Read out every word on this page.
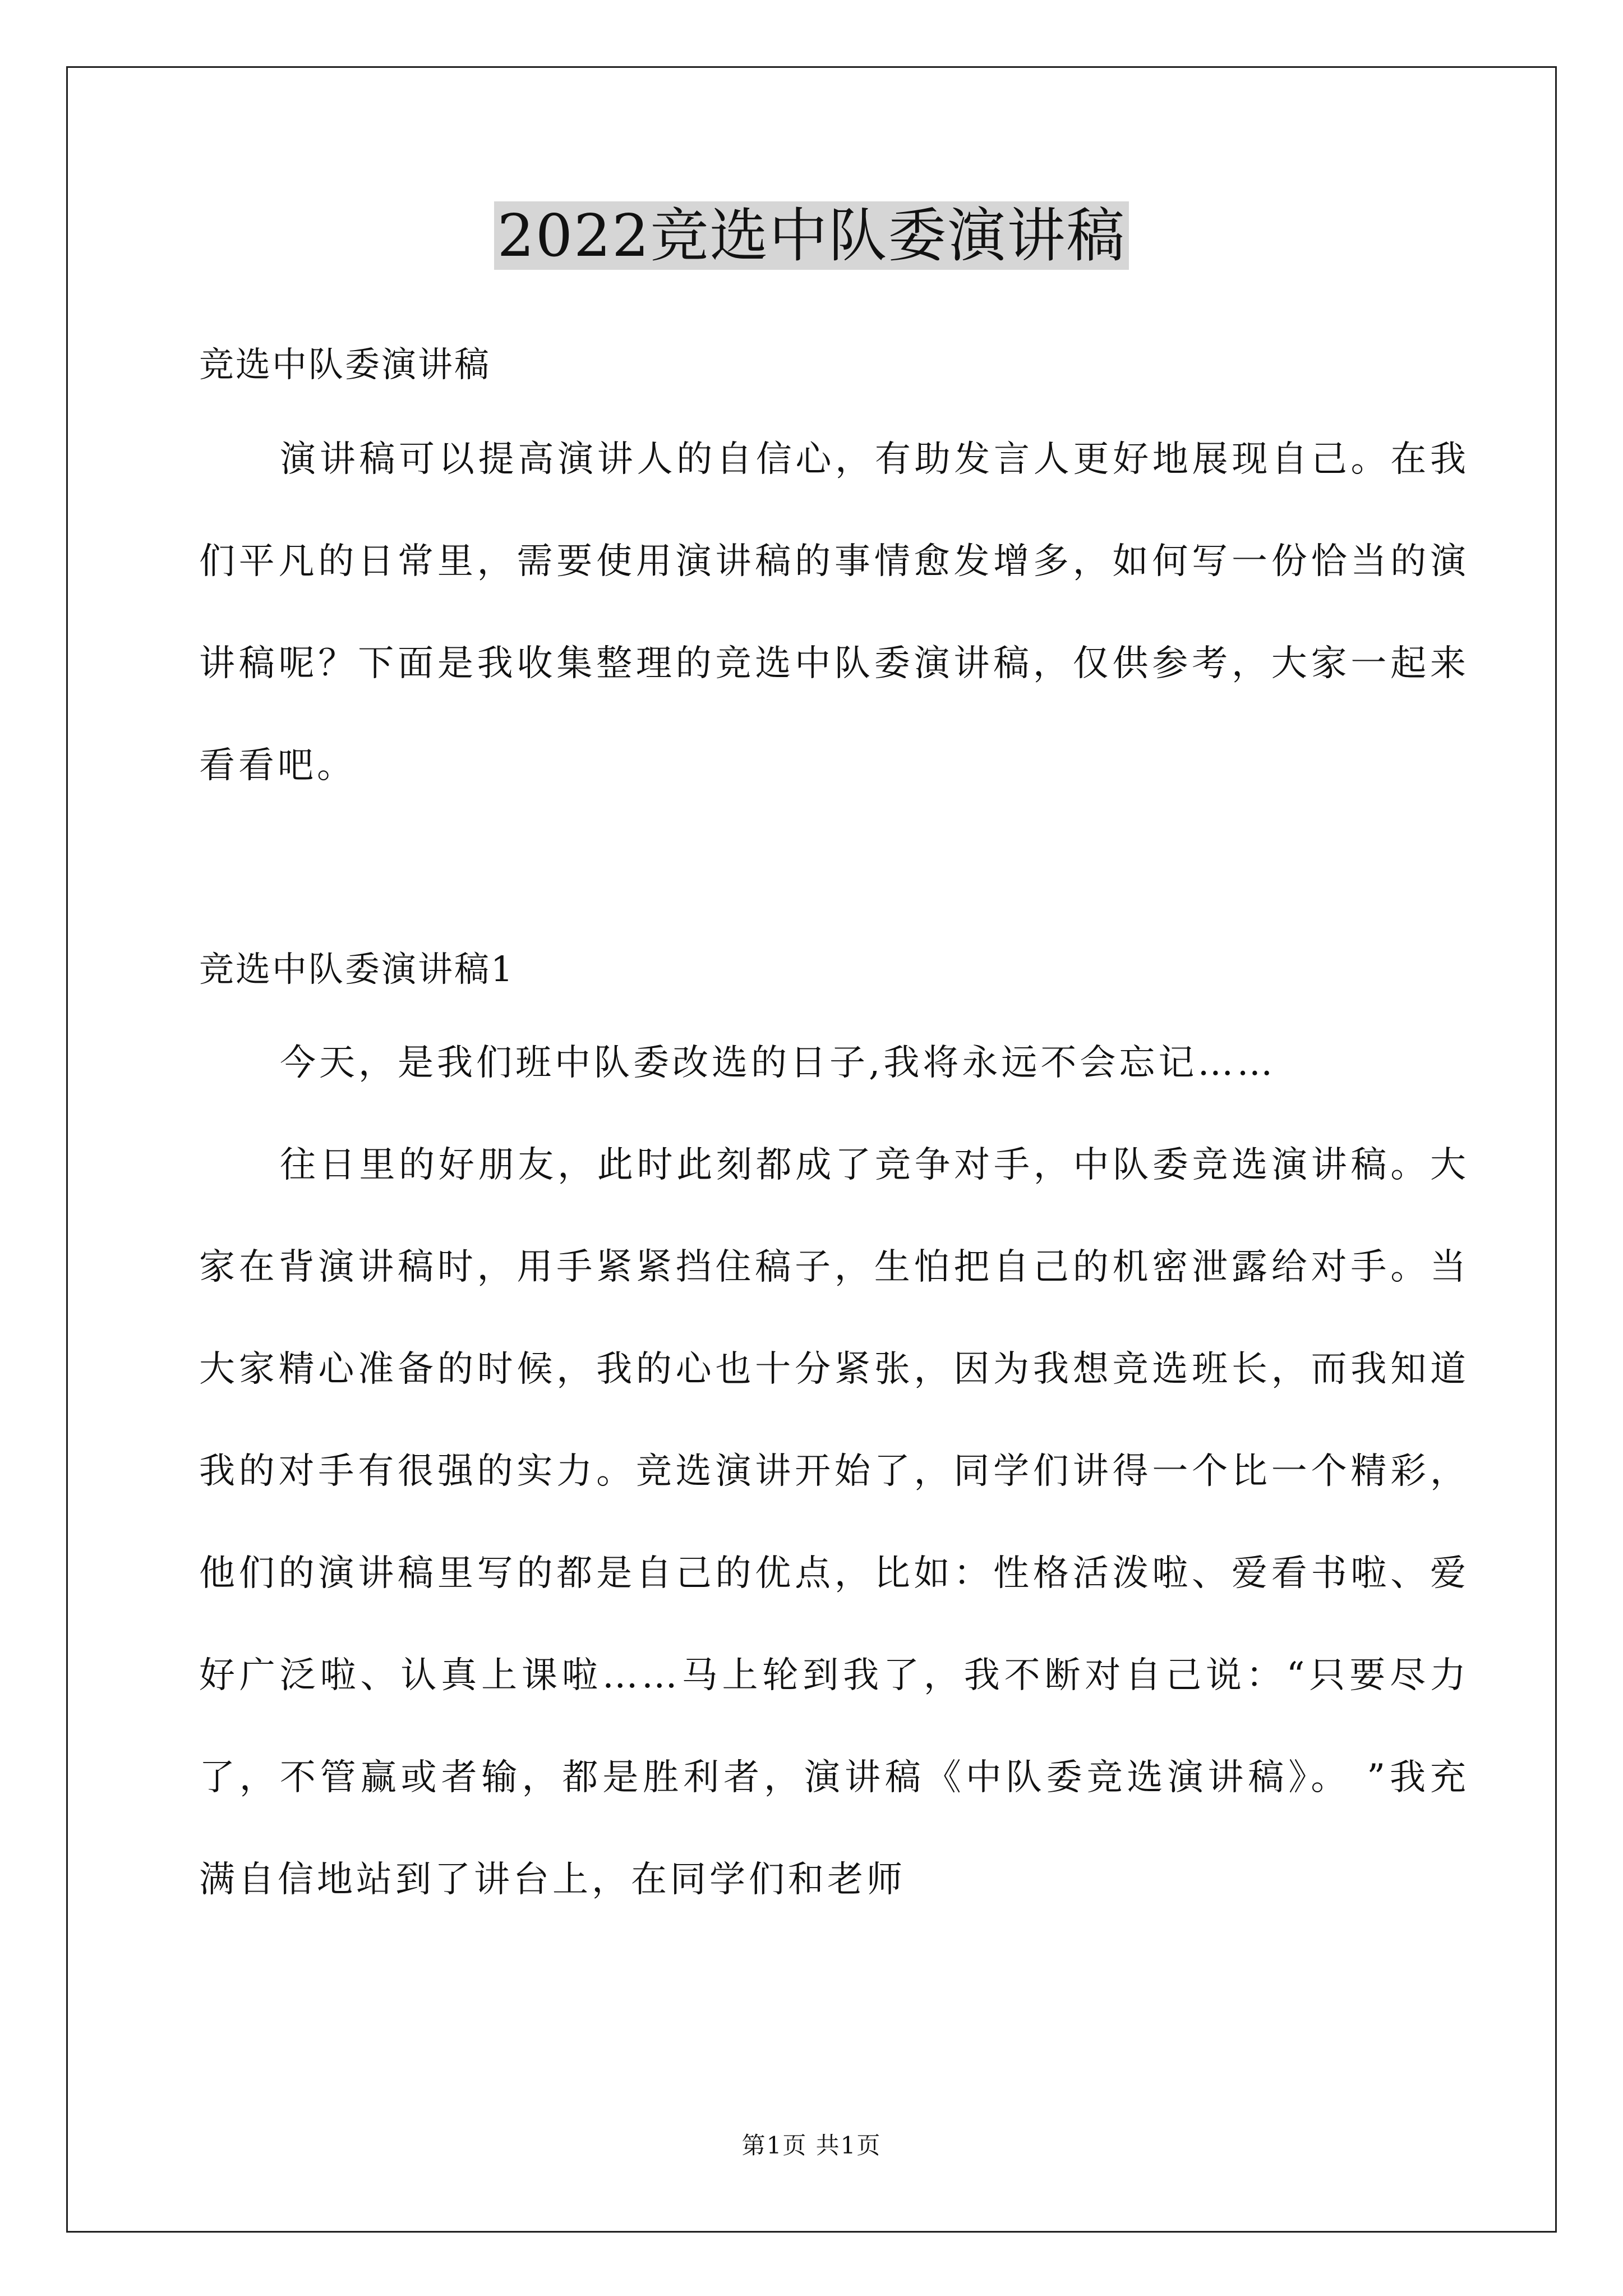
2022竞选中队委演讲稿

竞选中队委演讲稿

演讲稿可以提高演讲人的自信心，有助发言人更好地展现自己。在我们平凡的日常里，需要使用演讲稿的事情愈发增多，如何写一份恰当的演讲稿呢？下面是我收集整理的竞选中队委演讲稿，仅供参考，大家一起来看看吧。

竞选中队委演讲稿1

今天，是我们班中队委改选的日子,我将永远不会忘记……

往日里的好朋友，此时此刻都成了竞争对手，中队委竞选演讲稿。大家在背演讲稿时，用手紧紧挡住稿子，生怕把自己的机密泄露给对手。当大家精心准备的时候，我的心也十分紧张，因为我想竞选班长，而我知道我的对手有很强的实力。竞选演讲开始了，同学们讲得一个比一个精彩，他们的演讲稿里写的都是自己的优点，比如：性格活泼啦、爱看书啦、爱好广泛啦、认真上课啦……马上轮到我了，我不断对自己说：“只要尽力了，不管赢或者输，都是胜利者，演讲稿《中队委竞选演讲稿》。 ”我充满自信地站到了讲台上，在同学们和老师

第1页 共1页
